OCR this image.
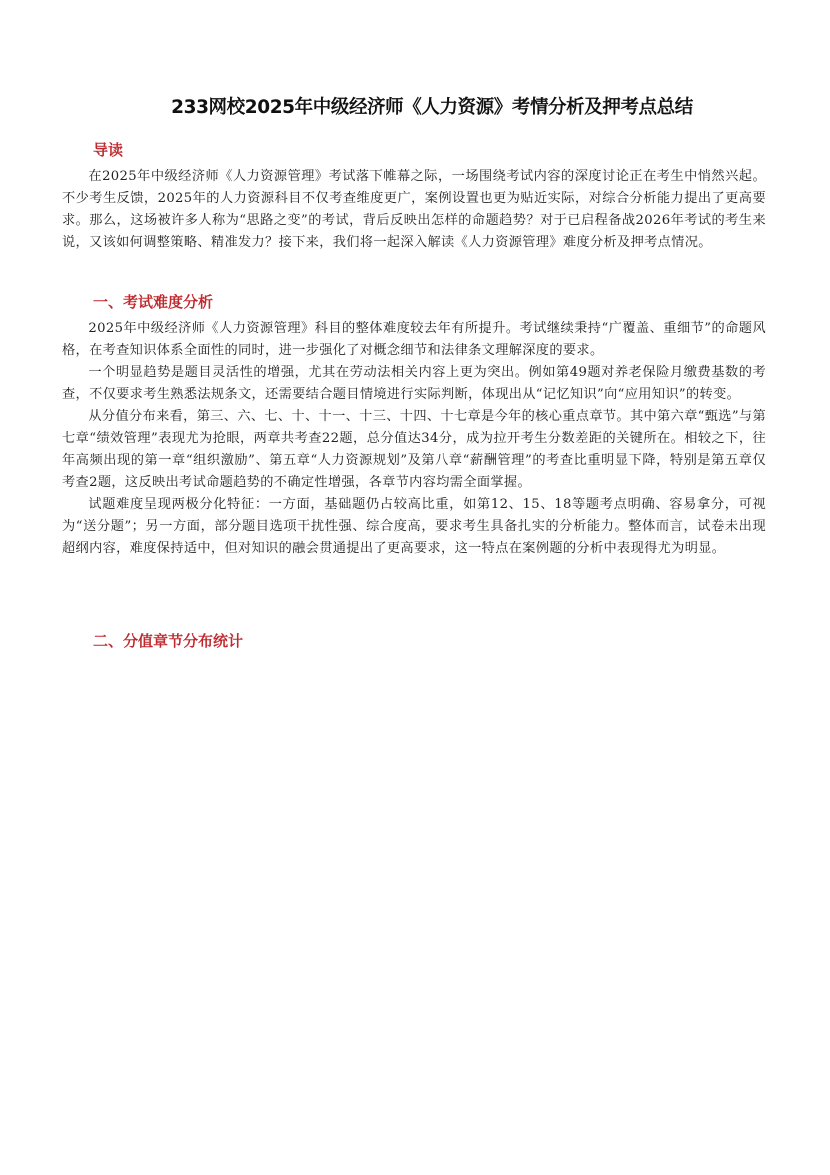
233网校2025年中级经济师《人力资源》考情分析及押考点总结
导读

在2025年中级经济师《人力资源管理》考试落下帷幕之际，一场围绕考试内容的深度讨论正在考生中悄然兴起。不少考生反馈，2025年的人力资源科目不仅考查维度更广，案例设置也更为贴近实际，对综合分析能力提出了更高要求。那么，这场被许多人称为“思路之变”的考试，背后反映出怎样的命题趋势？对于已启程备战2026年考试的考生来说，又该如何调整策略、精准发力？接下来，我们将一起深入解读《人力资源管理》难度分析及押考点情况。

一、考试难度分析

2025年中级经济师《人力资源管理》科目的整体难度较去年有所提升。考试继续秉持“广覆盖、重细节”的命题风格，在考查知识体系全面性的同时，进一步强化了对概念细节和法律条文理解深度的要求。

一个明显趋势是题目灵活性的增强，尤其在劳动法相关内容上更为突出。例如第49题对养老保险月缴费基数的考查，不仅要求考生熟悉法规条文，还需要结合题目情境进行实际判断，体现出从“记忆知识”向“应用知识”的转变。

从分值分布来看，第三、六、七、十、十一、十三、十四、十七章是今年的核心重点章节。其中第六章“甄选”与第七章“绩效管理”表现尤为抢眼，两章共考查22题，总分值达34分，成为拉开考生分数差距的关键所在。相较之下，往年高频出现的第一章“组织激励”、第五章“人力资源规划”及第八章“薪酬管理”的考查比重明显下降，特别是第五章仅考查2题，这反映出考试命题趋势的不确定性增强，各章节内容均需全面掌握。

试题难度呈现两极分化特征：一方面，基础题仍占较高比重，如第12、15、18等题考点明确、容易拿分，可视为“送分题”；另一方面，部分题目选项干扰性强、综合度高，要求考生具备扎实的分析能力。整体而言，试卷未出现超纲内容，难度保持适中，但对知识的融会贯通提出了更高要求，这一特点在案例题的分析中表现得尤为明显。

二、分值章节分布统计
